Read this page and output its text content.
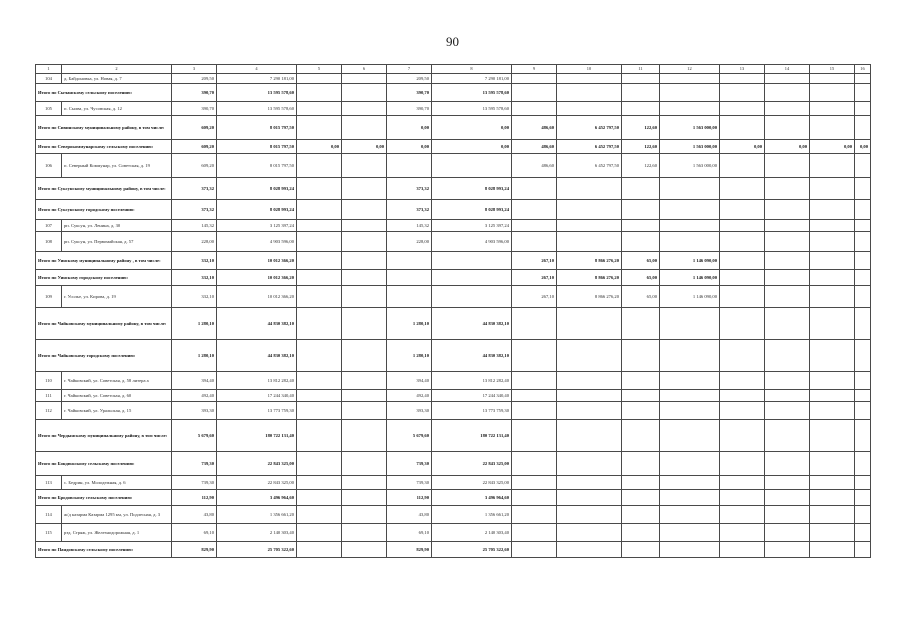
90
1	2	3	4	5	6	7	8	9	10	11	12	13	14	15	16
104	д. Байдоновка, ул. Новая, д. 7	209,50	7 290 181,00			209,50	7 290 181,00								
Итого по Сычанскому сельскому поселению:		390,70	13 595 578,60			390,70	13 595 578,60								
105	п. Сылва, ул. Чусовская, д. 12	390,70	13 595 578,60			390,70	13 595 578,60								
Итого по Сивинскому муниципальному району, в том числе:		609,20	8 015 797,50			0,00	0,00	486,60	6 452 797,50	122,60	1 563 000,00				
Итого по Северокоммунарскому сельскому поселению:		609,20	8 015 797,50	0,00	0,00	0,00	0,00	486,60	6 452 797,50	122,60	1 563 000,00	0,00	0,00	0,00	0,00
106	п. Северный Коммунар, ул. Советская, д. 19	609,20	8 015 797,50					486,60	6 452 797,50	122,60	1 563 000,00				
Итого по Суксунскому муниципальному району, в том числе:		373,32	8 028 993,24			373,32	8 028 993,24								
Итого по Суксунскому городскому поселению:		373,32	8 028 993,24			373,32	8 028 993,24								
107	рп. Суксун, ул. Ленина, д. 30	145,32	3 125 397,24			145,32	3 125 397,24								
108	рп. Суксун, ул. Первомайская, д. 57	228,00	4 903 596,00			228,00	4 903 596,00								
Итого по Уинскому муниципальному району , в том числе:		332,10	10 012 366,20					267,10	8 866 276,20	65,00	1 146 090,00				
Итого по Уинскому городскому поселению:		332,10	10 012 366,20					267,10	8 866 276,20	65,00	1 146 090,00				
109	г. Усолье, ул. Кирова, д. 19	332,10	10 012 366,20					267,10	8 866 276,20	65,00	1 146 090,00				
Итого по Чайковскому муниципальному району, в том числе:		1 280,10	44 830 382,10			1 280,10	44 830 382,10								
Итого по Чайковскому городскому поселению:		1 280,10	44 830 382,10			1 280,10	44 830 382,10								
110	г. Чайковский, ул. Советская, д. 58 литера а	394,40	13 812 282,40			394,40	13 812 282,40								
111	г. Чайковский, ул. Советская, д. 60	492,40	17 244 340,40			492,40	17 244 340,40								
112	г. Чайковский, ул. Уральская, д. 15	393,30	13 773 759,30			393,30	13 773 759,30								
Итого по Чердынскому муниципальному району, в том числе:		5 679,60	180 722 131,40			5 679,60	180 722 131,40								
Итого по Бондюжскому сельскому поселению:		739,30	22 843 325,00			739,30	22 843 325,00								
113	с. Бедрин, ул. Молодежная, д. 6	739,30	22 843 325,00			739,30	22 843 325,00								
Итого по Бродовскому сельскому поселению:		112,90	3 496 964,60			112,90	3 496 964,60								
114	ж/д казарма Казарма 1295 км, ул. Подлесная, д. 3	43,80	1 356 661,20			43,80	1 356 661,20								
115	рзд. Стряж, ул. Железнодорожная, д. 1	69,10	2 140 303,40			69,10	2 140 303,40								
Итого по Пандовскому сельскому поселению:		829,90	25 705 322,60			829,90	25 705 322,60								
